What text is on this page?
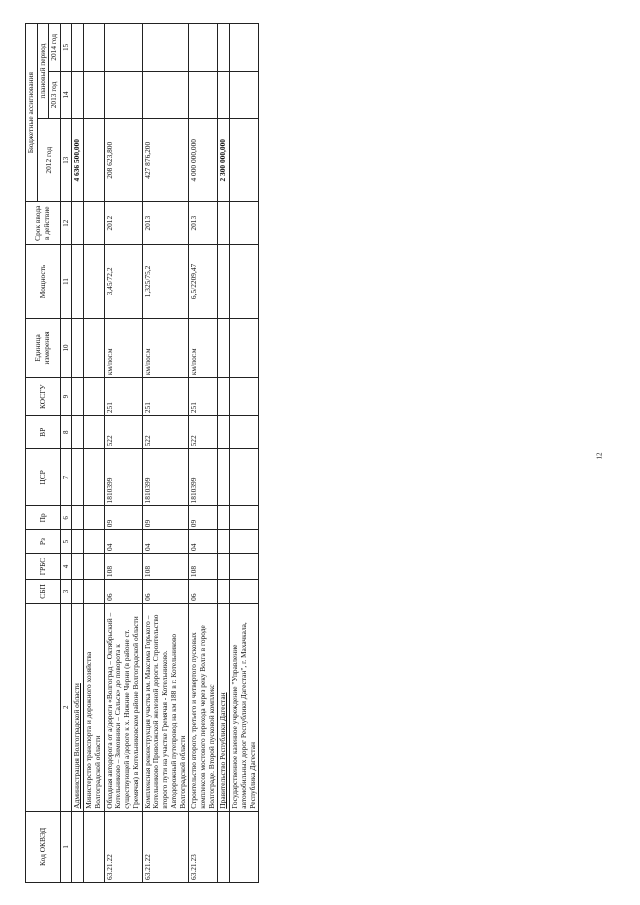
Код ОКВЭД		СБП	ГРБС	Рз	Пр	ЦСР	ВР	КОСГУ	Единица измерения	Мощность	Срок ввода в действие	Бюджетные ассигнования		
												2012 год	плановый период	
													2013 год	2014 год
1	2	3	4	5	6	7	8	9	10	11	12	13	14	15
	Администрация Волгоградской области											4 636 500,000		
	Министерство транспорта и дорожного хозяйства Волгоградской области													
63.21.22	Обходная автодорога от а/дороги «Волгоград – Октябрьский – Котельниково – Зимовники – Сальск» до поворота к существующей а/дороге к х. Нижние Черни (в районе ст. Гремячая) в Котельниковском районе Волгоградской области	06	108	04	09	1810399	522	251	км/пог.м	3,45/72,2	2012	208 623,800		
63.21.22	Комплексная реконструкция участка им. Максима Горького – Котельниково Приволжской железной дороги. Строительство второго пути на участке Гремячая - Котельниково. Автодорожный путепровод на км 188 в г. Котельниково Волгоградской области	06	108	04	09	1810399	522	251	км/пог.м	1,325/75,2	2013	427 876,200		
63.21.23	Строительство второго, третьего и четвертого пусковых комплексов мостового перехода через реку Волга в городе Волгограде. Второй пусковой комплекс	06	108	04	09	1810399	522	251	км/пог.м	6,5/2209,47	2013	4 000 000,000		
	Правительство Республики Дагестан											2 300 000,000		
	Государственное казенное учреждение "Управление автомобильных дорог Республики Дагестан", г. Махачкала, Республика Дагестан													
12
